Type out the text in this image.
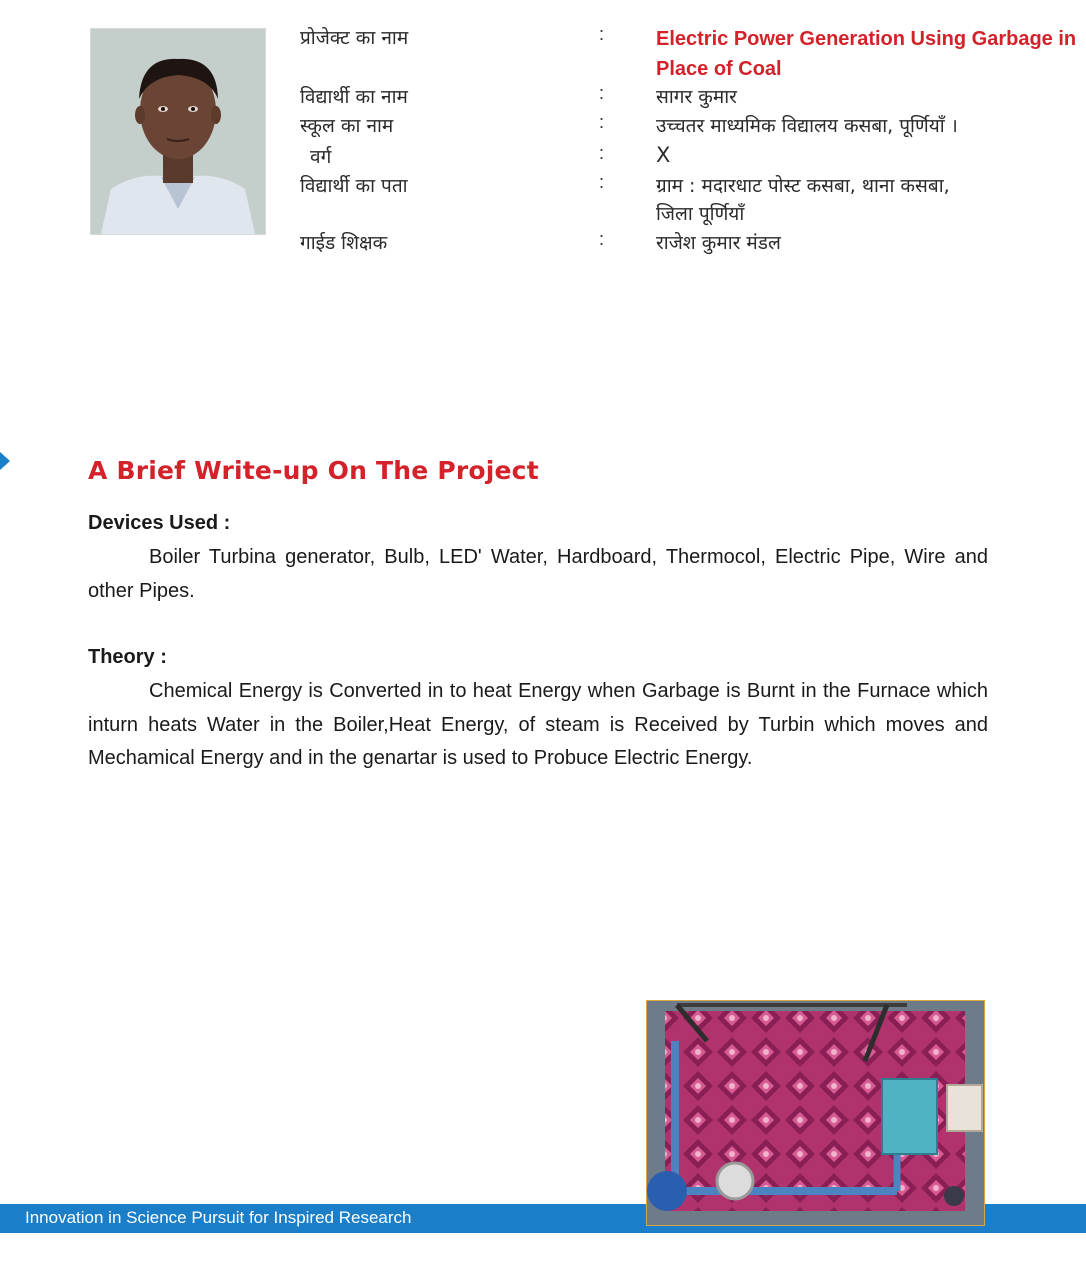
प्रोजेक्ट का नाम	:	Electric Power Generation Using Garbage in Place of Coal
विद्यार्थी का नाम	:	सागर कुमार
स्कूल का नाम	:	उच्चतर माध्यमिक विद्यालय कसबा, पूर्णियाँ ।
वर्ग	: X
विद्यार्थी का पता	:	ग्राम : मदारधाट पोस्ट कसबा, थाना कसबा,
जिला पूर्णियाँ
गाईड शिक्षक	:	राजेश कुमार मंडल
A Brief Write-up On The Project
Devices Used :
Boiler Turbina generator, Bulb, LED' Water, Hardboard, Thermocol, Electric Pipe, Wire and other Pipes.
Theory :
Chemical Energy is Converted in to heat Energy when Garbage is Burnt in the Furnace which inturn heats Water in the Boiler,Heat Energy, of steam is Received by Turbin which moves and Mechamical Energy and in the genartar is used to Probuce Electric Energy.
Innovation in Science Pursuit for Inspired Research
